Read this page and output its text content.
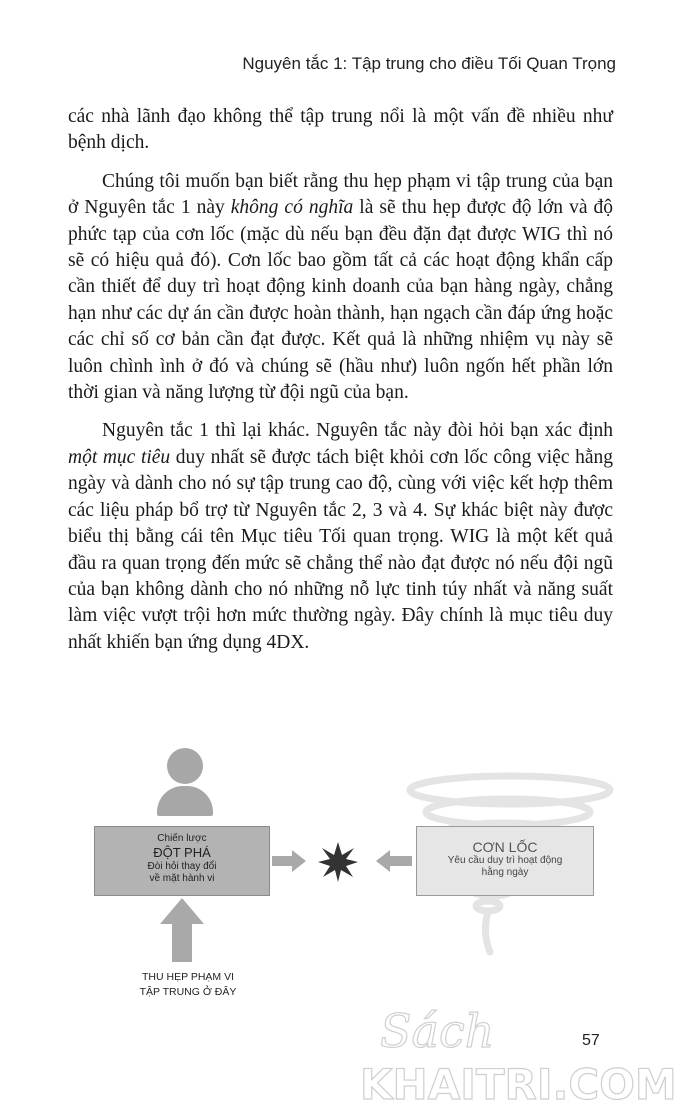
Nguyên tắc 1: Tập trung cho điều Tối Quan Trọng

các nhà lãnh đạo không thể tập trung nổi là một vấn đề nhiều như bệnh dịch.

Chúng tôi muốn bạn biết rằng thu hẹp phạm vi tập trung của bạn ở Nguyên tắc 1 này không có nghĩa là sẽ thu hẹp được độ lớn và độ phức tạp của cơn lốc (mặc dù nếu bạn đều đặn đạt được WIG thì nó sẽ có hiệu quả đó). Cơn lốc bao gồm tất cả các hoạt động khẩn cấp cần thiết để duy trì hoạt động kinh doanh của bạn hàng ngày, chẳng hạn như các dự án cần được hoàn thành, hạn ngạch cần đáp ứng hoặc các chỉ số cơ bản cần đạt được. Kết quả là những nhiệm vụ này sẽ luôn chình ình ở đó và chúng sẽ (hầu như) luôn ngốn hết phần lớn thời gian và năng lượng từ đội ngũ của bạn.

Nguyên tắc 1 thì lại khác. Nguyên tắc này đòi hỏi bạn xác định một mục tiêu duy nhất sẽ được tách biệt khỏi cơn lốc công việc hằng ngày và dành cho nó sự tập trung cao độ, cùng với việc kết hợp thêm các liệu pháp bổ trợ từ Nguyên tắc 2, 3 và 4. Sự khác biệt này được biểu thị bằng cái tên Mục tiêu Tối quan trọng. WIG là một kết quả đầu ra quan trọng đến mức sẽ chẳng thể nào đạt được nó nếu đội ngũ của bạn không dành cho nó những nỗ lực tinh túy nhất và năng suất làm việc vượt trội hơn mức thường ngày. Đây chính là mục tiêu duy nhất khiến bạn ứng dụng 4DX.

Chiến lược
ĐỘT PHÁ
Đòi hỏi thay đổi
về mặt hành vi
CƠN LỐC
Yêu cầu duy trì hoạt động
hằng ngày
THU HẸP PHẠM VI
TẬP TRUNG Ở ĐÂY
57
Sách
KHAITRI.COM
